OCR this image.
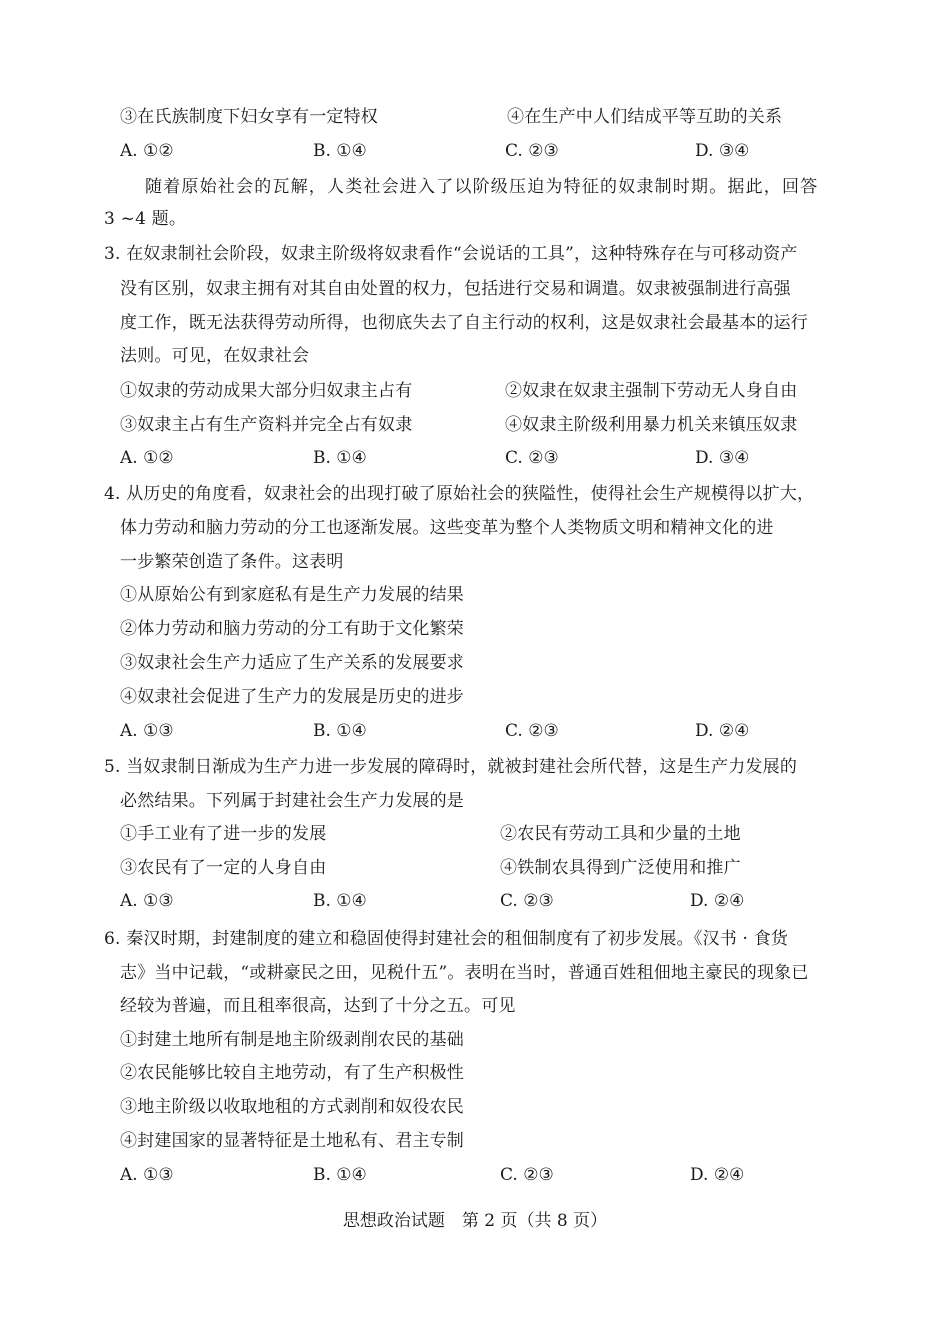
③在氏族制度下妇女享有一定特权	④在生产中人们结成平等互助的关系
A. ①②	B. ①④	C. ②③	D. ③④
随着原始社会的瓦解，人类社会进入了以阶级压迫为特征的奴隶制时期。据此，回答
3 ~4 题。
3. 在奴隶制社会阶段，奴隶主阶级将奴隶看作“会说话的工具”，这种特殊存在与可移动资产
没有区别，奴隶主拥有对其自由处置的权力，包括进行交易和调遣。奴隶被强制进行高强
度工作，既无法获得劳动所得，也彻底失去了自主行动的权利，这是奴隶社会最基本的运行
法则。可见，在奴隶社会
①奴隶的劳动成果大部分归奴隶主占有	②奴隶在奴隶主强制下劳动无人身自由
③奴隶主占有生产资料并完全占有奴隶	④奴隶主阶级利用暴力机关来镇压奴隶
A. ①②	B. ①④	C. ②③	D. ③④
4. 从历史的角度看，奴隶社会的出现打破了原始社会的狭隘性，使得社会生产规模得以扩大，
体力劳动和脑力劳动的分工也逐渐发展。这些变革为整个人类物质文明和精神文化的进
一步繁荣创造了条件。这表明
①从原始公有到家庭私有是生产力发展的结果
②体力劳动和脑力劳动的分工有助于文化繁荣
③奴隶社会生产力适应了生产关系的发展要求
④奴隶社会促进了生产力的发展是历史的进步
A. ①③	B. ①④	C. ②③	D. ②④
5. 当奴隶制日渐成为生产力进一步发展的障碍时，就被封建社会所代替，这是生产力发展的
必然结果。下列属于封建社会生产力发展的是
①手工业有了进一步的发展	②农民有劳动工具和少量的土地
③农民有了一定的人身自由	④铁制农具得到广泛使用和推广
A. ①③	B. ①④	C. ②③	D. ②④
6. 秦汉时期，封建制度的建立和稳固使得封建社会的租佃制度有了初步发展。《汉书 · 食货
志》当中记载，“或耕豪民之田，见税什五”。表明在当时，普通百姓租佃地主豪民的现象已
经较为普遍，而且租率很高，达到了十分之五。可见
①封建土地所有制是地主阶级剥削农民的基础
②农民能够比较自主地劳动，有了生产积极性
③地主阶级以收取地租的方式剥削和奴役农民
④封建国家的显著特征是土地私有、君主专制
A. ①③	B. ①④	C. ②③	D. ②④
思想政治试题　第 2 页（共 8 页）
